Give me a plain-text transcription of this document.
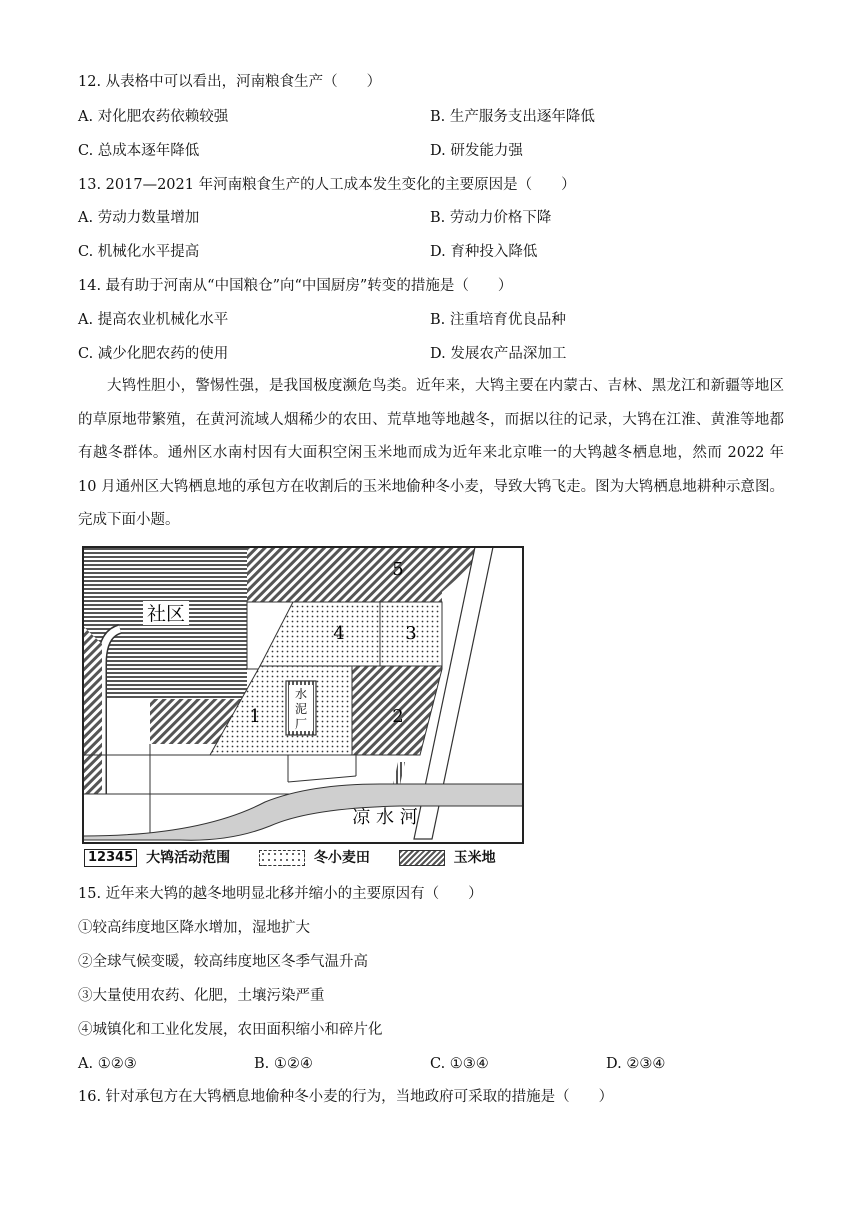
12. 从表格中可以看出，河南粮食生产（　　）
A. 对化肥农药依赖较强	B. 生产服务支出逐年降低
C. 总成本逐年降低	D. 研发能力强
13. 2017—2021 年河南粮食生产的人工成本发生变化的主要原因是（　　）
A. 劳动力数量增加	B. 劳动力价格下降
C. 机械化水平提高	D. 育种投入降低
14. 最有助于河南从“中国粮仓”向“中国厨房”转变的措施是（　　）
A. 提高农业机械化水平	B. 注重培育优良品种
C. 减少化肥农药的使用	D. 发展农产品深加工

大鸨性胆小，警惕性强，是我国极度濒危鸟类。近年来，大鸨主要在内蒙古、吉林、黑龙江和新疆等地区的草原地带繁殖，在黄河流域人烟稀少的农田、荒草地等地越冬，而据以往的记录，大鸨在江淮、黄淮等地都有越冬群体。通州区水南村因有大面积空闲玉米地而成为近年来北京唯一的大鸨越冬栖息地，然而 2022 年 10 月通州区大鸨栖息地的承包方在收割后的玉米地偷种冬小麦，导致大鸨飞走。图为大鸨栖息地耕种示意图。完成下面小题。

社区
水
泥
厂
1	2
3
4
5
凉 水 河
12345 大鸨活动范围	冬小麦田	玉米地
15. 近年来大鸨的越冬地明显北移并缩小的主要原因有（　　）
①较高纬度地区降水增加，湿地扩大
②全球气候变暖，较高纬度地区冬季气温升高
③大量使用农药、化肥，土壤污染严重
④城镇化和工业化发展，农田面积缩小和碎片化
A. ①②③	B. ①②④	C. ①③④	D. ②③④
16. 针对承包方在大鸨栖息地偷种冬小麦的行为，当地政府可采取的措施是（　　）
